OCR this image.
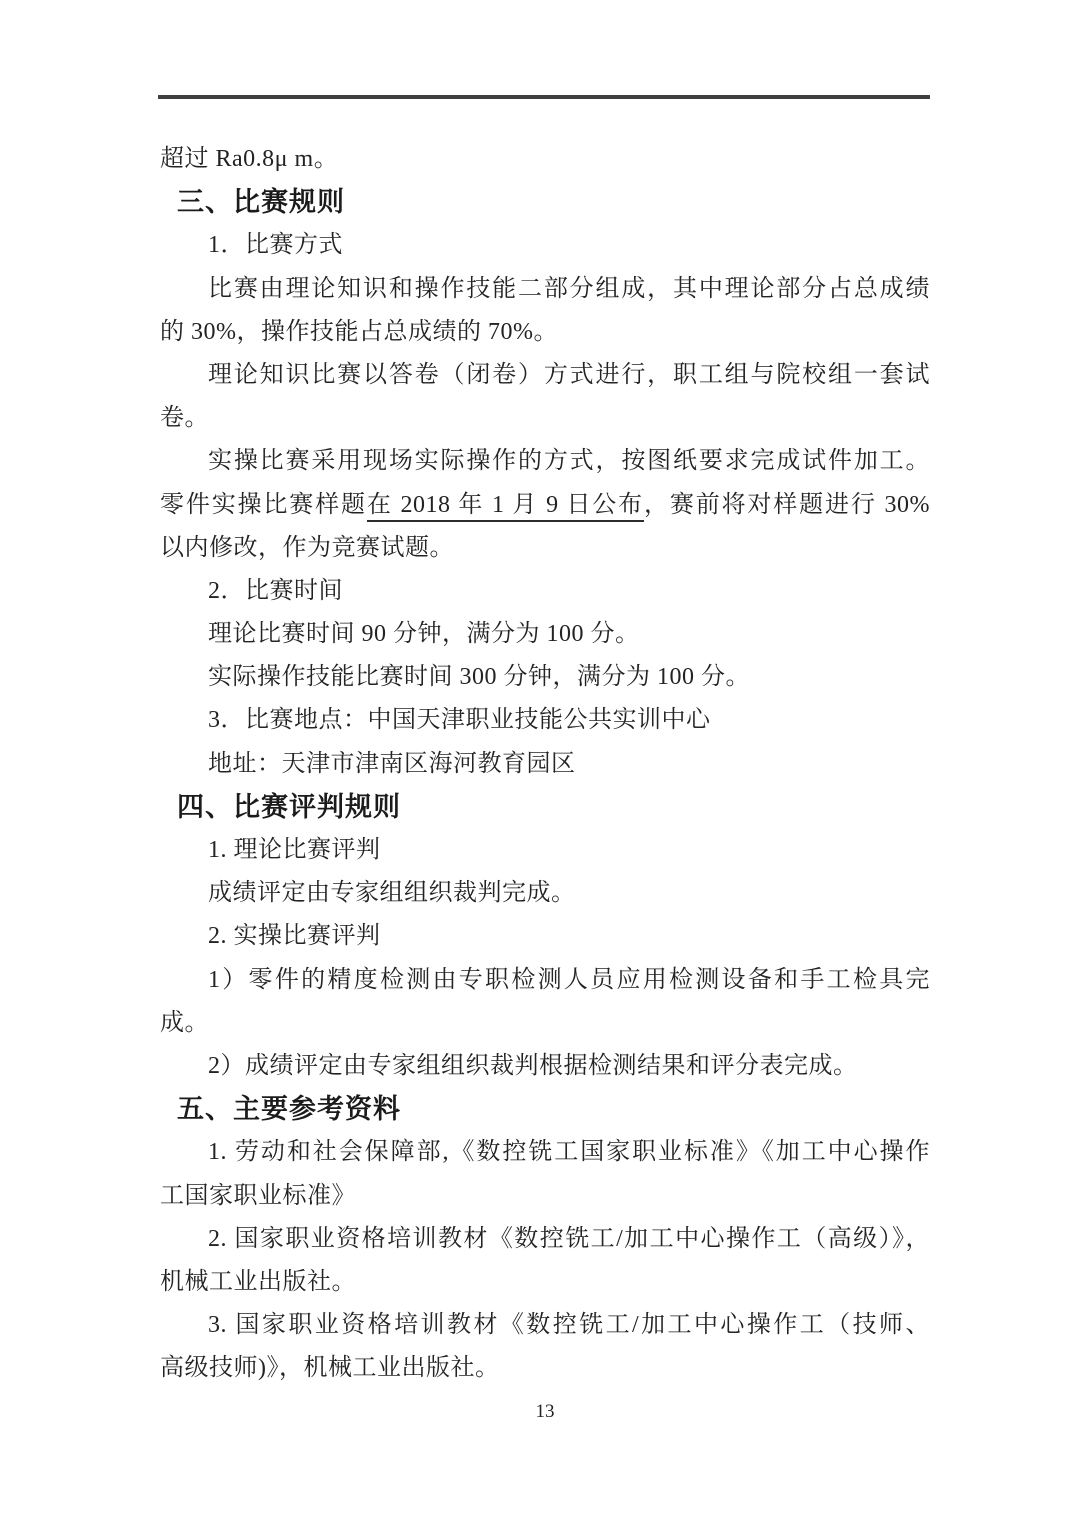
超过 Ra0.8μ m。
三、比赛规则
1．比赛方式
比赛由理论知识和操作技能二部分组成，其中理论部分占总成绩
的 30%，操作技能占总成绩的 70%。
理论知识比赛以答卷（闭卷）方式进行，职工组与院校组一套试
卷。
实操比赛采用现场实际操作的方式，按图纸要求完成试件加工。
零件实操比赛样题在 2018 年 1 月 9 日公布，赛前将对样题进行 30%
以内修改，作为竞赛试题。
2．比赛时间
理论比赛时间 90 分钟，满分为 100 分。
实际操作技能比赛时间 300 分钟，满分为 100 分。
3．比赛地点：中国天津职业技能公共实训中心
地址：天津市津南区海河教育园区
四、比赛评判规则
1. 理论比赛评判
成绩评定由专家组组织裁判完成。
2. 实操比赛评判
1）零件的精度检测由专职检测人员应用检测设备和手工检具完
成。
2）成绩评定由专家组组织裁判根据检测结果和评分表完成。
五、主要参考资料
1. 劳动和社会保障部,《数控铣工国家职业标准》《加工中心操作
工国家职业标准》
2. 国家职业资格培训教材《数控铣工/加工中心操作工（高级）》，
机械工业出版社。
3. 国家职业资格培训教材《数控铣工/加工中心操作工（技师、
高级技师)》，机械工业出版社。
13
